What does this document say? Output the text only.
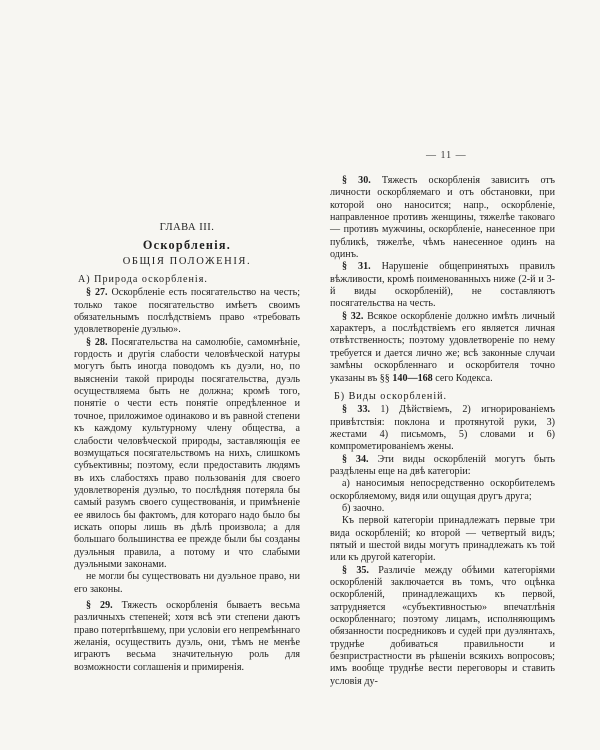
— 11 —
ГЛАВА III.
Оскорбленія.
ОБЩІЯ ПОЛОЖЕНІЯ.
А) Природа оскорбленія.

§ 27. Оскорбленіе есть посягательство на честь; только такое посягательство имѣетъ своимъ обязательнымъ послѣдствіемъ право «требовать удовлетвореніе дуэлью».

§ 28. Посягательства на самолюбіе, самомнѣніе, гордость и другія слабости человѣческой натуры могутъ быть иногда поводомъ къ дуэли, но, по выясненіи такой природы посягательства, дуэль осуществляема быть не должна; кромѣ того, понятіе о чести есть понятіе опредѣленное и точное, приложимое одинаково и въ равной степени къ каждому культурному члену общества, а слабости человѣческой природы, заставляющія ее возмущаться посягательствомъ на нихъ, слишкомъ субъективны; поэтому, если предоставить людямъ въ ихъ слабостяхъ право пользованія для своего удовлетворенія дуэлью, то послѣдняя потеряла бы самый разумъ своего существованія, и примѣненіе ее явилось бы фактомъ, для котораго надо было бы искать опоры лишь въ дѣлѣ произвола; а для большаго большинства ее прежде были бы созданы дуэльныя правила, а потому и что слабыми дуэльными законами.

не могли бы существовать ни дуэльное право, ни его законы.

§ 29. Тяжесть оскорбленія бываетъ весьма различныхъ степеней; хотя всѣ эти степени даютъ право потерпѣвшему, при условіи его непремѣннаго желанія, осуществить дуэль, они, тѣмъ не менѣе играютъ весьма значительную роль для возможности соглашенія и примиренія.

§ 30. Тяжесть оскорбленія зависитъ отъ личности оскорбляемаго и отъ обстановки, при которой оно наносится; напр., оскорбленіе, направленное противъ женщины, тяжелѣе таковаго — противъ мужчины, оскорбленіе, нанесенное при публикѣ, тяжелѣе, чѣмъ нанесенное одинъ на одинъ.

§ 31. Нарушеніе общепринятыхъ правилъ вѣжливости, кромѣ поименованныхъ ниже (2-й и 3-й виды оскорбленій), не составляютъ посягательства на честь.

§ 32. Всякое оскорбленіе должно имѣть личный характеръ, а послѣдствіемъ его является личная отвѣтственность; поэтому удовлетвореніе по нему требуется и дается лично же; всѣ законные случаи замѣны оскорбленнаго и оскорбителя точно указаны въ §§ 140—168 сего Кодекса.

Б) Виды оскорбленій.

§ 33. 1) Дѣйствіемъ, 2) игнорированіемъ привѣтствія: поклона и протянутой руки, 3) жестами 4) письмомъ, 5) словами и 6) компрометированіемъ жены.

§ 34. Эти виды оскорбленій могутъ быть раздѣлены еще на двѣ категоріи:

а) наносимыя непосредственно оскорбителемъ оскорбляемому, видя или ощущая другъ друга;

б) заочно.

Къ первой категоріи принадлежатъ первые три вида оскорбленій; ко второй — четвертый видъ; пятый и шестой виды могутъ принадлежать къ той или къ другой категоріи.

§ 35. Различіе между обѣими категоріями оскорбленій заключается въ томъ, что оцѣнка оскорбленій, принадлежащихъ къ первой, затрудняется «субъективностью» впечатлѣнія оскорбленнаго; поэтому лицамъ, исполняющимъ обязанности посредниковъ и судей при дуэлянтахъ, труднѣе добиваться правильности и безпристрастности въ рѣшеніи всякихъ вопросовъ; имъ вообще труднѣе вести переговоры и ставить условія ду-
